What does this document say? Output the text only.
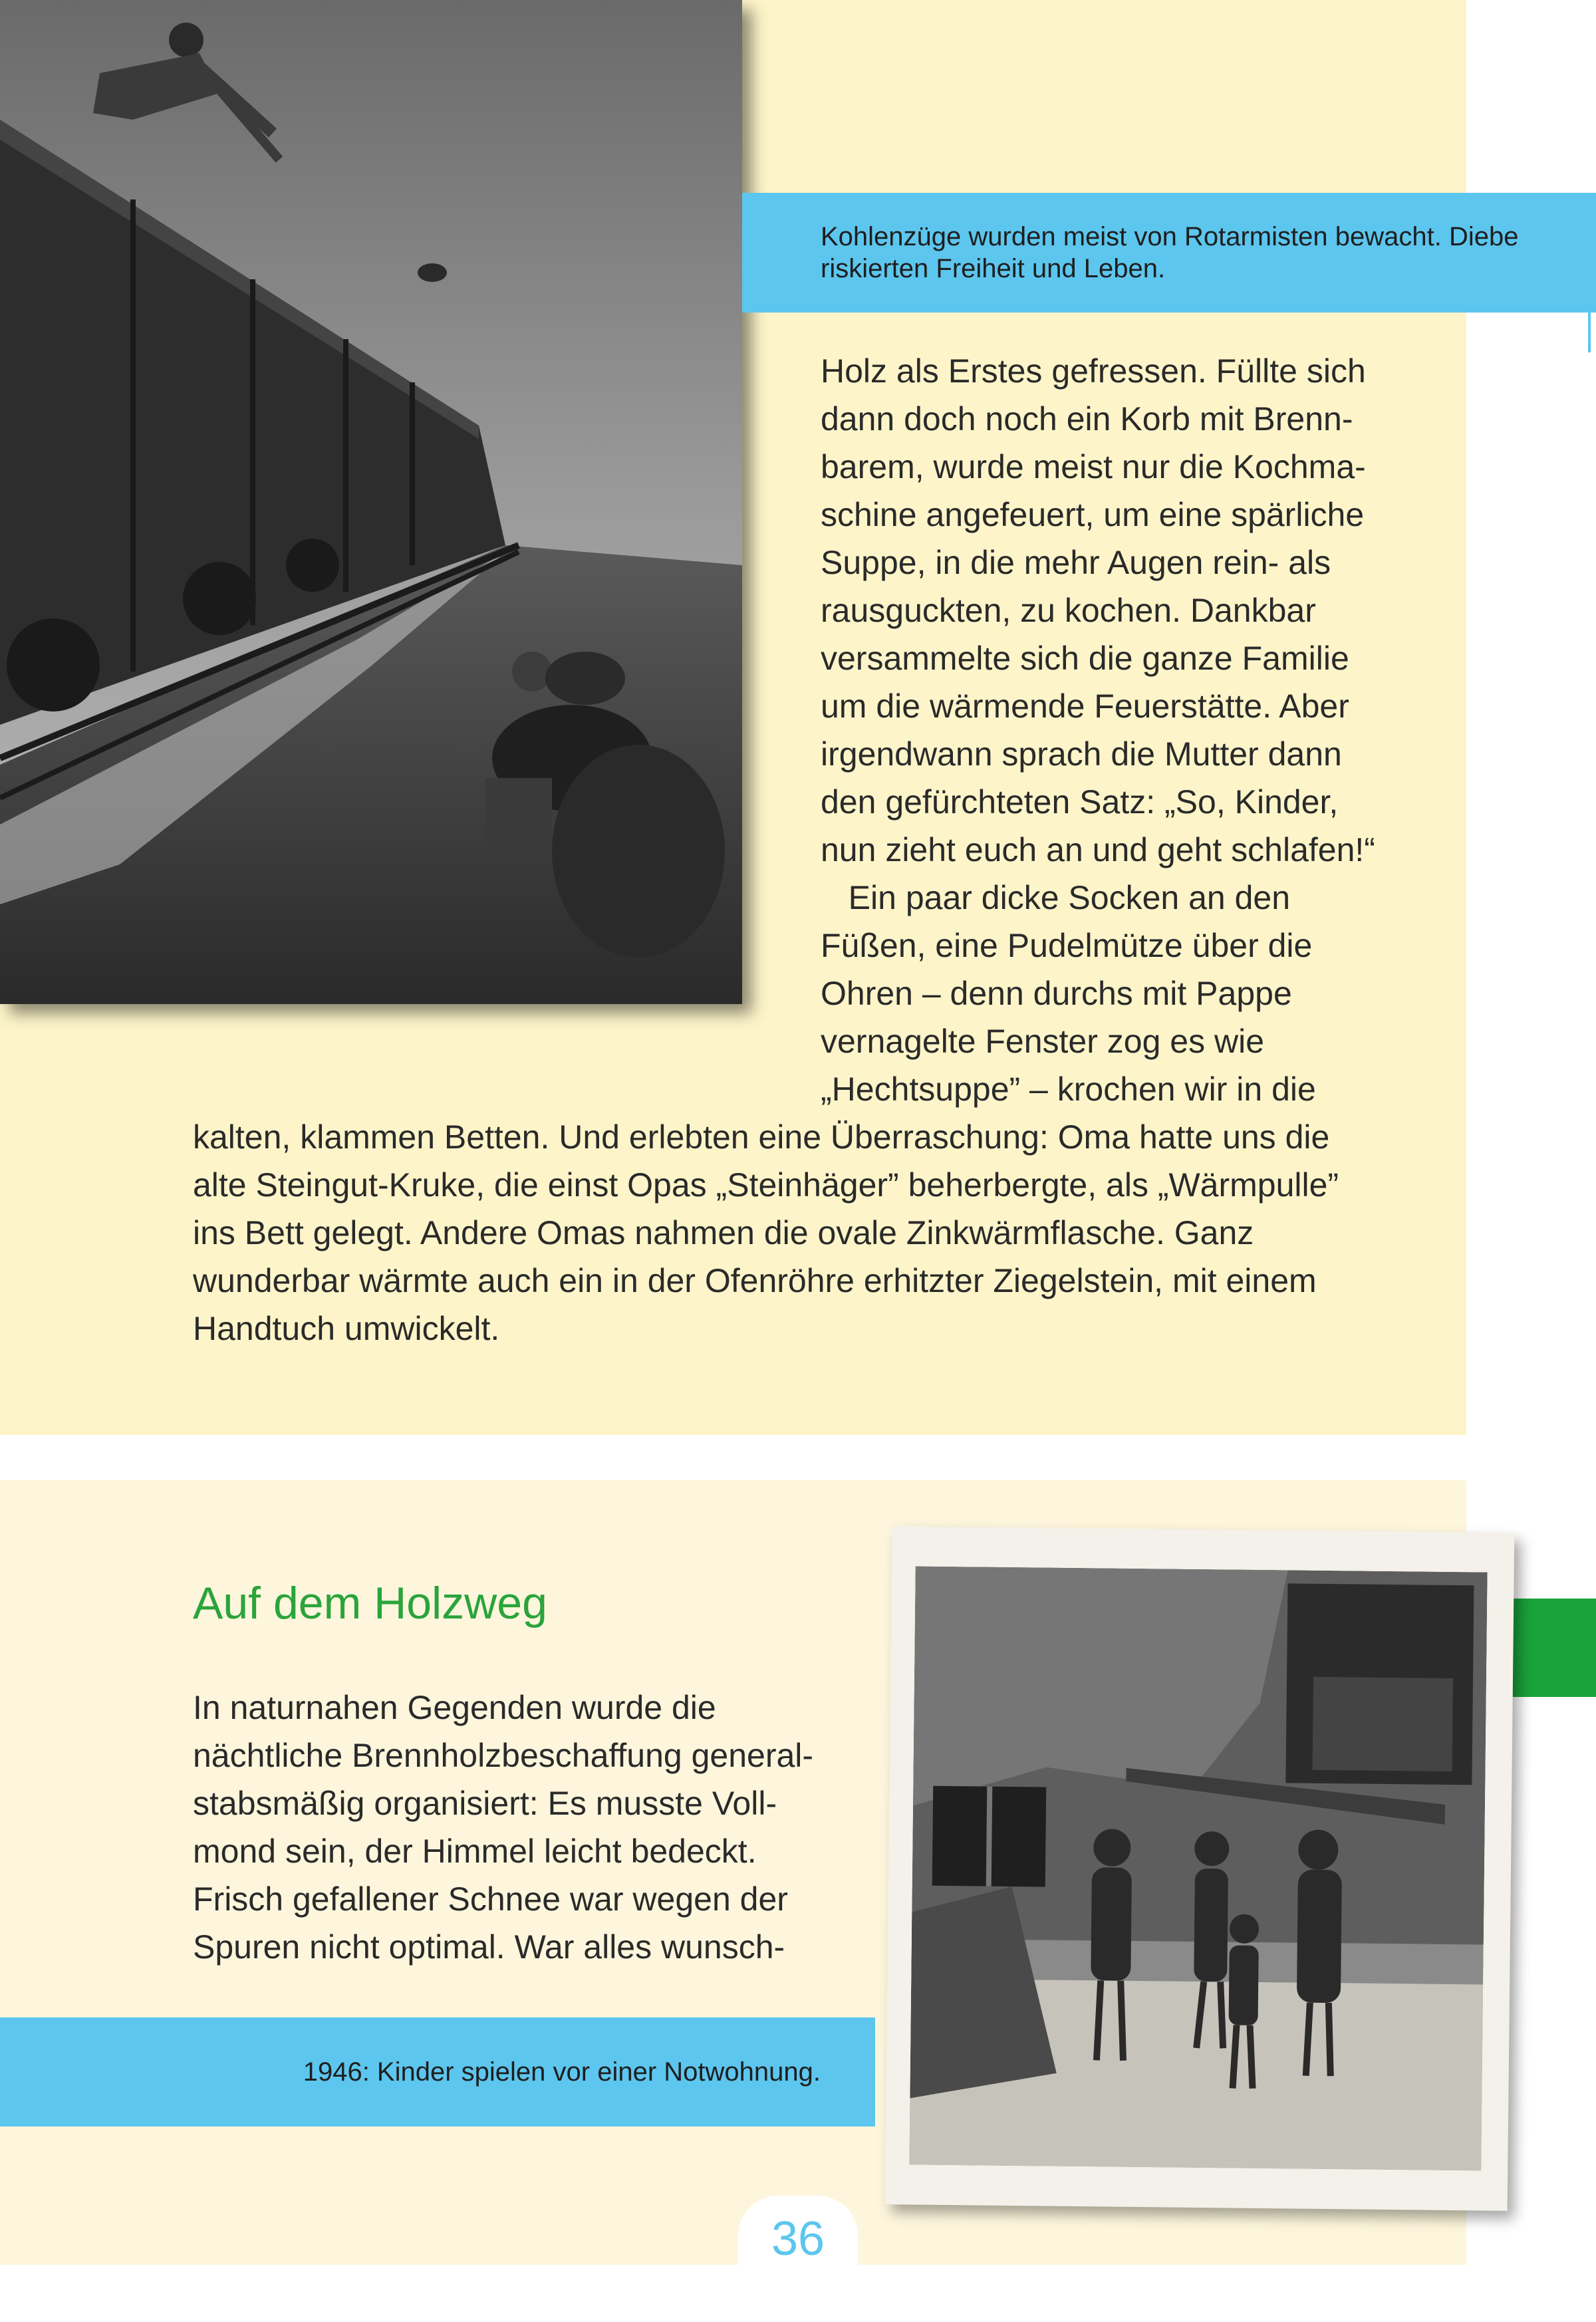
Kohlenzüge wurden meist von Rotarmisten bewacht. Diebe riskierten Freiheit und Leben.

Holz als Erstes gefressen. Füllte sich

dann doch noch ein Korb mit Brenn-

barem, wurde meist nur die Kochma-

schine angefeuert, um eine spärliche

Suppe, in die mehr Augen rein- als

rausguckten, zu kochen. Dankbar

versammelte sich die ganze Familie

um die wärmende Feuerstätte. Aber

irgendwann sprach die Mutter dann

den gefürchteten Satz: „So, Kinder,

nun zieht euch an und geht schlafen!“

Ein paar dicke Socken an den

Füßen, eine Pudelmütze über die

Ohren – denn durchs mit Pappe

vernagelte Fenster zog es wie

„Hechtsuppe” – krochen wir in die

kalten, klammen Betten. Und erlebten eine Überraschung: Oma hatte uns die

alte Steingut-Kruke, die einst Opas „Steinhäger” beherbergte, als „Wärmpulle”

ins Bett gelegt. Andere Omas nahmen die ovale Zinkwärmflasche. Ganz

wunderbar wärmte auch ein in der Ofenröhre erhitzter Ziegelstein, mit einem

Handtuch umwickelt.

Auf dem Holzweg

In naturnahen Gegenden wurde die

nächtliche Brennholzbeschaffung general-

stabsmäßig organisiert: Es musste Voll-

mond sein, der Himmel leicht bedeckt.

Frisch gefallener Schnee war wegen der

Spuren nicht optimal. War alles wunsch-

1946: Kinder spielen vor einer Notwohnung.
36
